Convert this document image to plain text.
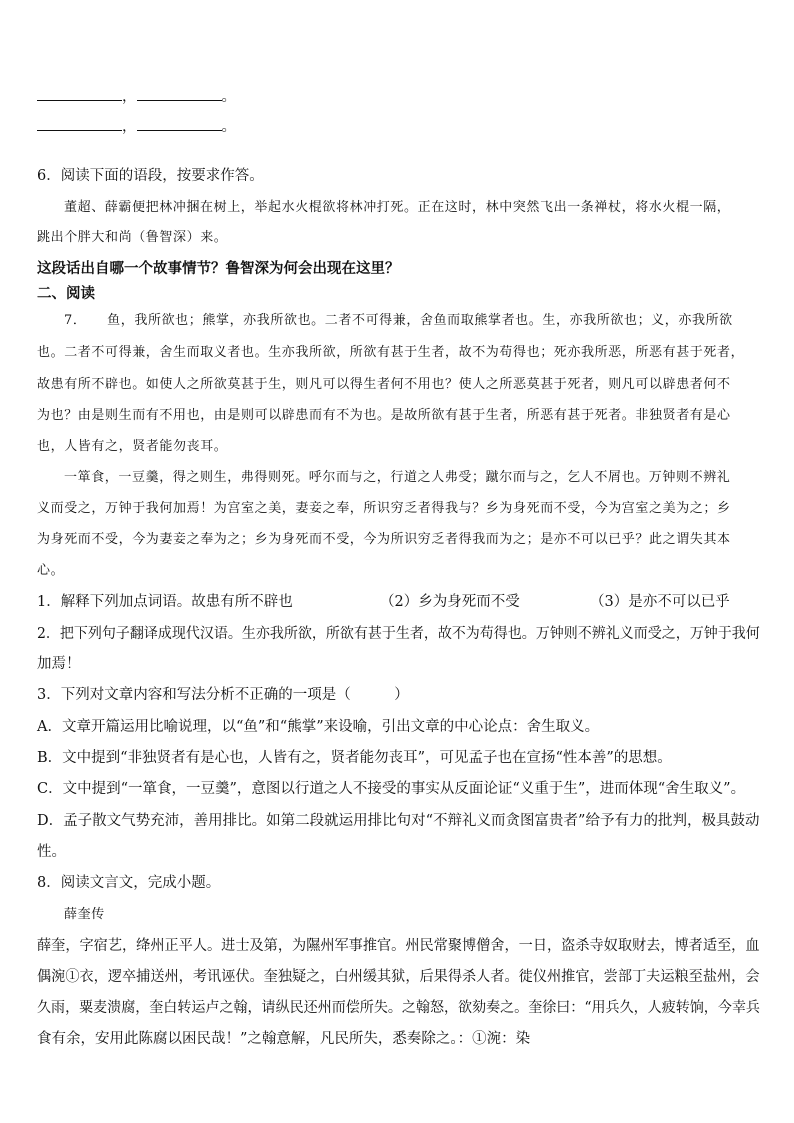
，	。
，	。
6．阅读下面的语段，按要求作答。
董超、薛霸便把林冲捆在树上，举起水火棍欲将林冲打死。正在这时，林中突然飞出一条禅杖，将水火棍一隔，
跳出个胖大和尚（鲁智深）来。
这段话出自哪一个故事情节？鲁智深为何会出现在这里？
二、阅读
7．　　鱼，我所欲也；熊掌，亦我所欲也。二者不可得兼，舍鱼而取熊掌者也。生，亦我所欲也；义，亦我所欲
也。二者不可得兼，舍生而取义者也。生亦我所欲，所欲有甚于生者，故不为苟得也；死亦我所恶，所恶有甚于死者，
故患有所不辟也。如使人之所欲莫甚于生，则凡可以得生者何不用也？使人之所恶莫甚于死者，则凡可以辟患者何不
为也？由是则生而有不用也，由是则可以辟患而有不为也。是故所欲有甚于生者，所恶有甚于死者。非独贤者有是心
也，人皆有之，贤者能勿丧耳。
一箪食，一豆羹，得之则生，弗得则死。呼尔而与之，行道之人弗受；蹴尔而与之，乞人不屑也。万钟则不辨礼
义而受之，万钟于我何加焉！为宫室之美，妻妾之奉，所识穷乏者得我与？乡为身死而不受，今为宫室之美为之；乡
为身死而不受，今为妻妾之奉为之；乡为身死而不受，今为所识穷乏者得我而为之；是亦不可以已乎？此之谓失其本
心。
1．解释下列加点词语。故患有所不辟也	（2）乡为身死而不受	（3）是亦不可以已乎
2．把下列句子翻译成现代汉语。生亦我所欲，所欲有甚于生者，故不为苟得也。万钟则不辨礼义而受之，万钟于我何
加焉！
3．下列对文章内容和写法分析不正确的一项是（　　　）
A．文章开篇运用比喻说理，以“鱼”和“熊掌”来设喻，引出文章的中心论点：舍生取义。
B．文中提到“非独贤者有是心也，人皆有之，贤者能勿丧耳”，可见孟子也在宣扬“性本善”的思想。
C．文中提到“一箪食，一豆羹”，意图以行道之人不接受的事实从反面论证“义重于生”，进而体现“舍生取义”。
D．孟子散文气势充沛，善用排比。如第二段就运用排比句对“不辩礼义而贪图富贵者”给予有力的批判，极具鼓动
性。
8．阅读文言文，完成小题。
薛奎传
薛奎，字宿艺，绛州正平人。进士及第，为隰州军事推官。州民常聚博僧舍，一日，盗杀寺奴取财去，博者适至，血
偶涴①衣，逻卒捕送州，考讯诬伏。奎独疑之，白州缓其狱，后果得杀人者。徙仪州推官，尝部丁夫运粮至盐州，会
久雨，粟麦溃腐，奎白转运卢之翰，请纵民还州而偿所失。之翰怒，欲劾奏之。奎徐曰：“用兵久，人疲转饷，今幸兵
食有余，安用此陈腐以困民哉！”之翰意解，凡民所失，悉奏除之。：①涴：染
